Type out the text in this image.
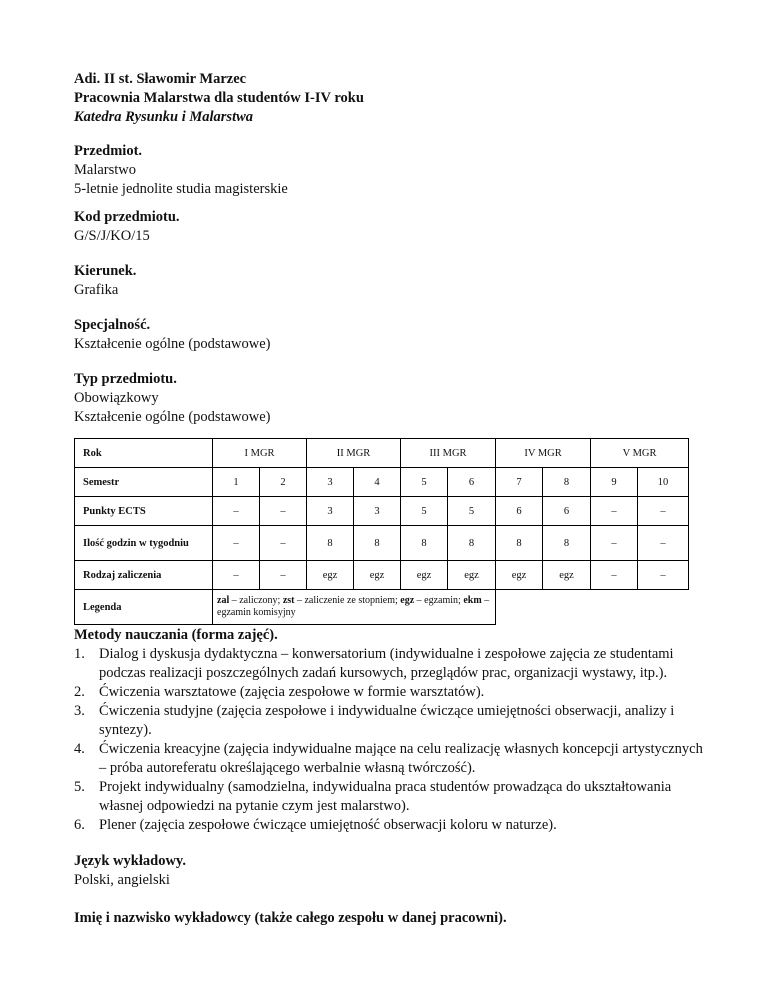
Adi. II st. Sławomir Marzec
Pracownia Malarstwa dla studentów I-IV roku
Katedra Rysunku i Malarstwa
Przedmiot.
Malarstwo
5-letnie jednolite studia magisterskie
Kod przedmiotu.
G/S/J/KO/15
Kierunek.
Grafika
Specjalność.
Kształcenie ogólne (podstawowe)
Typ przedmiotu.
Obowiązkowy
Kształcenie ogólne (podstawowe)
Rok	I MGR		II MGR		III MGR		IV MGR		V MGR	
Semestr	1	2	3	4	5	6	7	8	9	10
Punkty ECTS	–	–	3	3	5	5	6	6	–	–
Ilość godzin w tygodniu	–	–	8	8	8	8	8	8	–	–
Rodzaj zaliczenia	–	–	egz	egz	egz	egz	egz	egz	–	–
Legenda	zal – zaliczony; zst – zaliczenie ze stopniem; egz – egzamin; ekm – egzamin komisyjny									
Metody nauczania (forma zajęć).
1. Dialog i dyskusja dydaktyczna – konwersatorium (indywidualne i zespołowe zajęcia ze studentami podczas realizacji poszczególnych zadań kursowych, przeglądów prac, organizacji wystawy, itp.).
2. Ćwiczenia warsztatowe (zajęcia zespołowe w formie warsztatów).
3. Ćwiczenia studyjne (zajęcia zespołowe i indywidualne ćwiczące umiejętności obserwacji, analizy i syntezy).
4. Ćwiczenia kreacyjne (zajęcia indywidualne mające na celu realizację własnych koncepcji artystycznych – próba autoreferatu określającego werbalnie własną twórczość).
5. Projekt indywidualny (samodzielna, indywidualna praca studentów prowadząca do ukształtowania własnej odpowiedzi na pytanie czym jest malarstwo).
6. Plener (zajęcia zespołowe ćwiczące umiejętność obserwacji koloru w naturze).
Język wykładowy.
Polski, angielski
Imię i nazwisko wykładowcy (także całego zespołu w danej pracowni).
